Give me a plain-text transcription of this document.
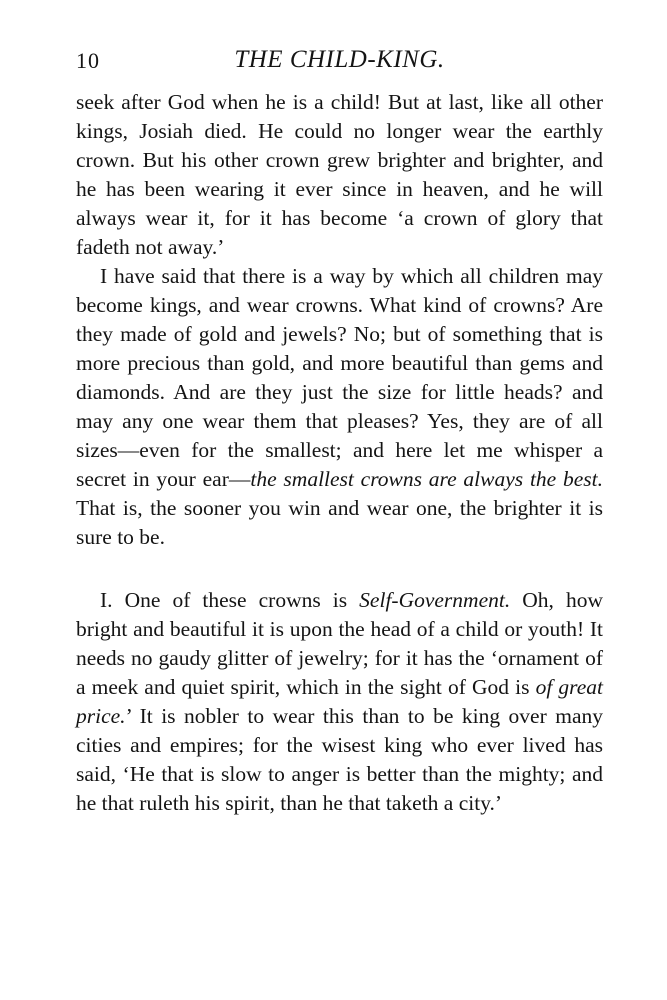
10	THE CHILD-KING.

seek after God when he is a child! But at last, like all other kings, Josiah died. He could no longer wear the earthly crown. But his other crown grew brighter and brighter, and he has been wearing it ever since in heaven, and he will always wear it, for it has become ‘a crown of glory that fadeth not away.’

I have said that there is a way by which all children may become kings, and wear crowns. What kind of crowns? Are they made of gold and jewels? No; but of something that is more precious than gold, and more beautiful than gems and diamonds. And are they just the size for little heads? and may any one wear them that pleases? Yes, they are of all sizes—even for the smallest; and here let me whisper a secret in your ear—the smallest crowns are always the best. That is, the sooner you win and wear one, the brighter it is sure to be.

I. One of these crowns is Self-Government. Oh, how bright and beautiful it is upon the head of a child or youth! It needs no gaudy glitter of jewelry; for it has the ‘ornament of a meek and quiet spirit, which in the sight of God is of great price.’ It is nobler to wear this than to be king over many cities and empires; for the wisest king who ever lived has said, ‘He that is slow to anger is better than the mighty; and he that ruleth his spirit, than he that taketh a city.’
